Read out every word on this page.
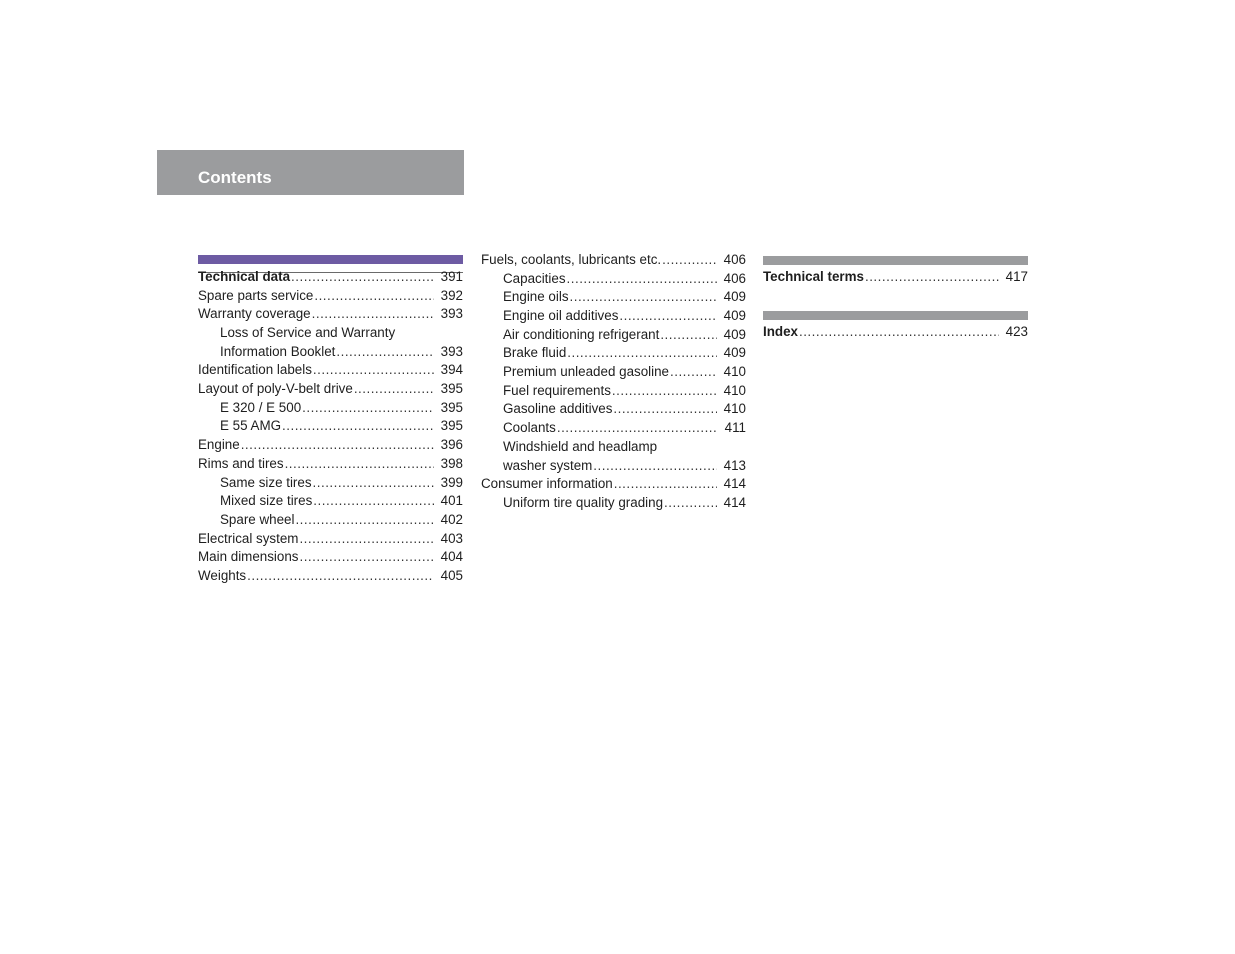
Contents
Technical data .....	391
Spare parts service .....	392
Warranty coverage .....	393
Loss of Service and Warranty
Information Booklet .....	393
Identification labels .....	394
Layout of poly-V-belt drive .....	395
E 320 / E 500 .....	395
E 55 AMG .....	395
Engine .....	396
Rims and tires .....	398
Same size tires .....	399
Mixed size tires .....	401
Spare wheel .....	402
Electrical system .....	403
Main dimensions .....	404
Weights .....	405
Fuels, coolants, lubricants etc. .....	406
Capacities .....	406
Engine oils .....	409
Engine oil additives .....	409
Air conditioning refrigerant .....	409
Brake fluid .....	409
Premium unleaded gasoline .....	410
Fuel requirements .....	410
Gasoline additives .....	410
Coolants .....	411
Windshield and headlamp
washer system .....	413
Consumer information .....	414
Uniform tire quality grading .....	414
Technical terms .....	417
Index .....	423
